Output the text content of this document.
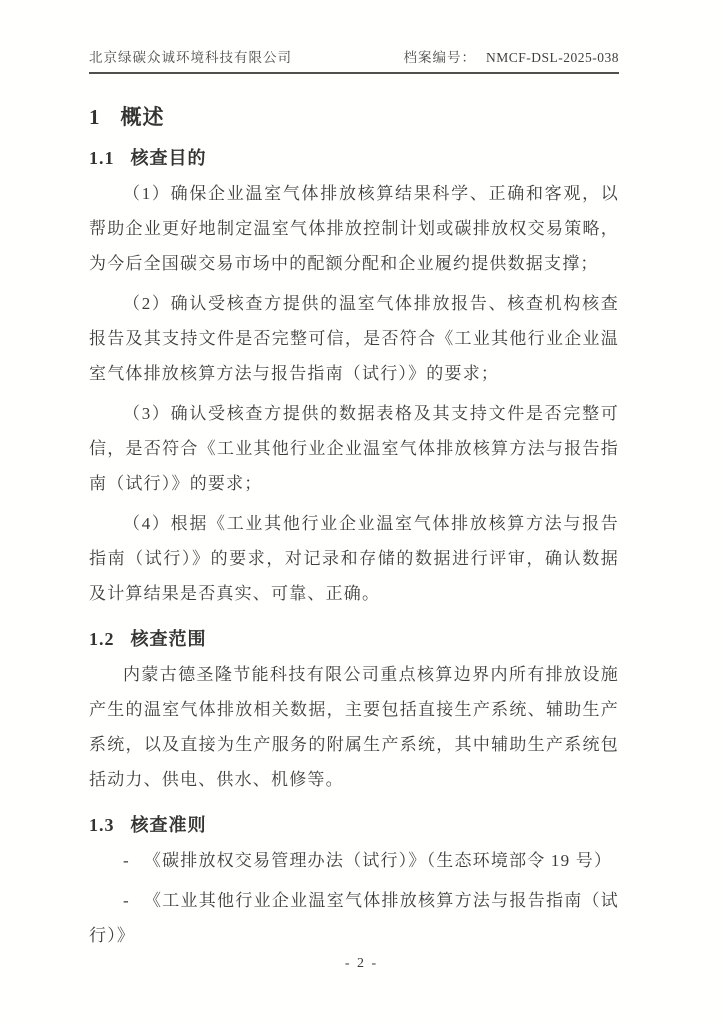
北京绿碳众诚环境科技有限公司	档案编号： NMCF-DSL-2025-038
1 概述
1.1 核查目的

（1）确保企业温室气体排放核算结果科学、正确和客观，以帮助企业更好地制定温室气体排放控制计划或碳排放权交易策略，为今后全国碳交易市场中的配额分配和企业履约提供数据支撑；

（2）确认受核查方提供的温室气体排放报告、核查机构核查报告及其支持文件是否完整可信，是否符合《工业其他行业企业温室气体排放核算方法与报告指南（试行）》的要求；

（3）确认受核查方提供的数据表格及其支持文件是否完整可信，是否符合《工业其他行业企业温室气体排放核算方法与报告指南（试行）》的要求；

（4）根据《工业其他行业企业温室气体排放核算方法与报告指南（试行）》的要求，对记录和存储的数据进行评审，确认数据及计算结果是否真实、可靠、正确。

1.2 核查范围

内蒙古德圣隆节能科技有限公司重点核算边界内所有排放设施产生的温室气体排放相关数据，主要包括直接生产系统、辅助生产系统，以及直接为生产服务的附属生产系统，其中辅助生产系统包括动力、供电、供水、机修等。

1.3 核查准则

- 《碳排放权交易管理办法（试行）》（生态环境部令 19 号）

- 《工业其他行业企业温室气体排放核算方法与报告指南（试行）》

- 2 -
